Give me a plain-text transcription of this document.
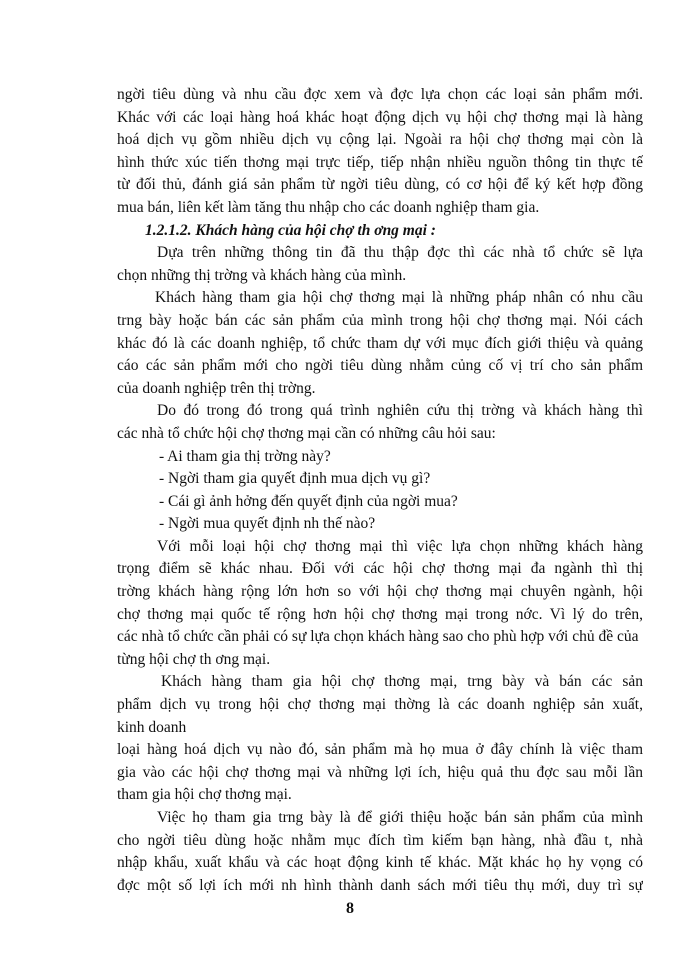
ngời tiêu dùng và nhu cầu đợc xem và đợc lựa chọn các loại sản phẩm mới.
Khác với các loại hàng hoá khác hoạt động dịch vụ hội chợ thơng mại là hàng
hoá dịch vụ gồm nhiều dịch vụ cộng lại. Ngoài ra hội chợ thơng mại còn là
hình thức xúc tiến thơng mại trực tiếp, tiếp nhận nhiều nguồn thông tin thực tế
từ đối thủ, đánh giá sản phẩm từ ngời tiêu dùng, có cơ hội để ký kết hợp đồng
mua bán, liên kết làm tăng thu nhập cho các doanh nghiệp tham gia.
1.2.1.2. Khách hàng của hội chợ th ơng mại :
Dựa trên những thông tin đã thu thập đợc thì các nhà tổ chức sẽ lựa
chọn những thị trờng và khách hàng của mình.
Khách hàng tham gia hội chợ thơng mại là những pháp nhân có nhu cầu
trng bày hoặc bán các sản phẩm của mình trong hội chợ thơng mại. Nói cách
khác đó là các doanh nghiệp, tổ chức tham dự với mục đích giới thiệu và quảng
cáo các sản phẩm mới cho ngời tiêu dùng nhằm củng cố vị trí cho sản phẩm
của doanh nghiệp trên thị trờng.
Do đó trong đó trong quá trình nghiên cứu thị trờng và khách hàng thì
các nhà tổ chức hội chợ thơng mại cần có những câu hỏi sau:
- Ai tham gia thị trờng này?
- Ngời tham gia quyết định mua dịch vụ gì?
- Cái gì ảnh hởng đến quyết định của ngời mua?
- Ngời mua quyết định nh thế nào?
Với mỗi loại hội chợ thơng mại thì việc lựa chọn những khách hàng
trọng điểm sẽ khác nhau. Đối với các hội chợ thơng mại đa ngành thì thị
trờng khách hàng rộng lớn hơn so với hội chợ thơng mại chuyên ngành, hội
chợ thơng mại quốc tế rộng hơn hội chợ thơng mại trong nớc. Vì lý do trên,
các nhà tổ chức cần phải có sự lựa chọn khách hàng sao cho phù hợp với chủ đề của
từng hội chợ th ơng mại.
Khách hàng tham gia hội chợ thơng mại, trng bày và bán các sản
phẩm dịch vụ trong hội chợ thơng mại thờng là các doanh nghiệp sản xuất,
kinh doanh
loại hàng hoá dịch vụ nào đó, sản phẩm mà họ mua ở đây chính là việc tham
gia vào các hội chợ thơng mại và những lợi ích, hiệu quả thu đợc sau mỗi lần
tham gia hội chợ thơng mại.
Việc họ tham gia trng bày là để giới thiệu hoặc bán sản phẩm của mình
cho ngời tiêu dùng hoặc nhằm mục đích tìm kiếm bạn hàng, nhà đầu t, nhà
nhập khẩu, xuất khẩu và các hoạt động kinh tế khác. Mặt khác họ hy vọng có
đợc một số lợi ích mới nh hình thành danh sách mới tiêu thụ mới, duy trì sự
8
